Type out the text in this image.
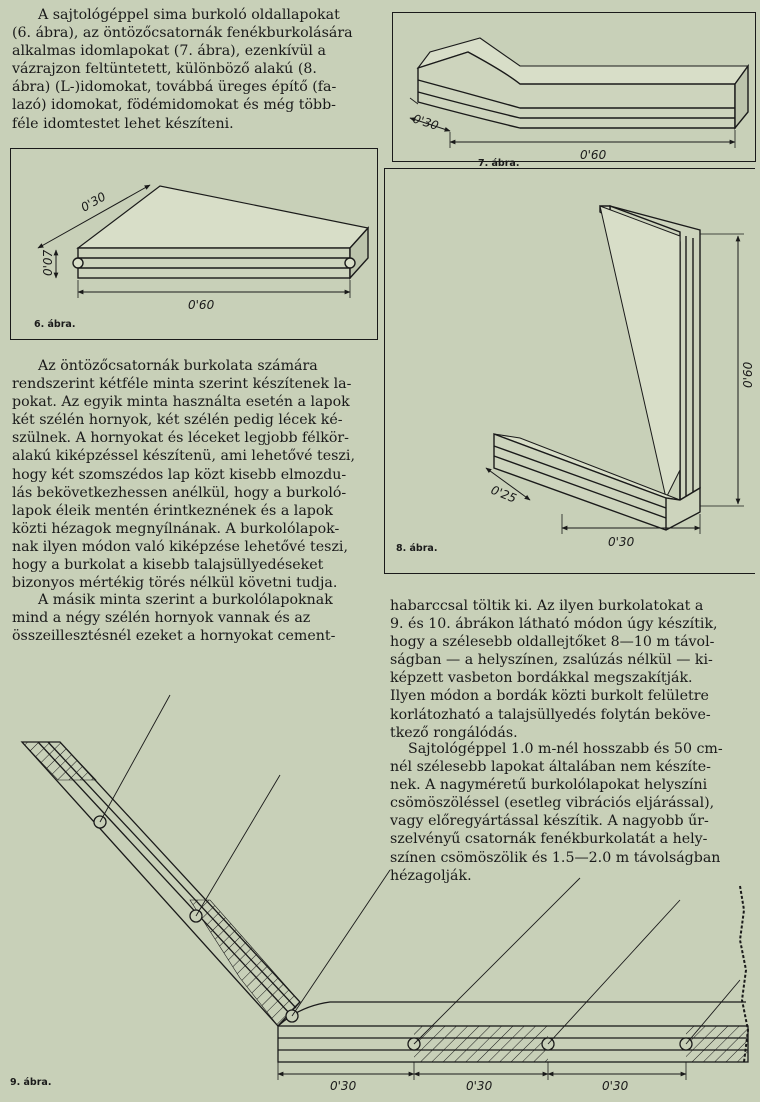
A sajtológéppel sima burkoló oldallapokat
(6. ábra), az öntözőcsatornák fenékburkolására
alkalmas idomlapokat (7. ábra), ezenkívül a
vázrajzon feltüntetett, különböző alakú (8.
ábra) (L-)idomokat, továbbá üreges építő (fa-
lazó) idomokat, födémidomokat és még több-
féle idomtestet lehet készíteni.

6. ábra.
7. ábra.
8. ábra.

Az öntözőcsatornák burkolata számára
rendszerint kétféle minta szerint készítenek la-
pokat. Az egyik minta használta esetén a lapok
két szélén hornyok, két szélén pedig lécek ké-
szülnek. A hornyokat és léceket legjobb félkör-
alakú kiképzéssel készítenü, ami lehetővé teszi,
hogy két szomszédos lap közt kisebb elmozdu-
lás bekövetkezhessen anélkül, hogy a burkoló-
lapok éleik mentén érintkeznének és a lapok
közti hézagok megnyílnának. A burkolólapok-
nak ilyen módon való kiképzése lehetővé teszi,
hogy a burkolat a kisebb talajsüllyedéseket
bizonyos mértékig törés nélkül követni tudja.

A másik minta szerint a burkolólapoknak
mind a négy szélén hornyok vannak és az
összeillesztésnél ezeket a hornyokat cement-

habarccsal töltik ki. Az ilyen burkolatokat a
9. és 10. ábrákon látható módon úgy készítik,
hogy a szélesebb oldallejtőket 8—10 m távol-
ságban — a helyszínen, zsalúzás nélkül — ki-
képzett vasbeton bordákkal megszakítják.
Ilyen módon a bordák közti burkolt felületre
korlátozható a talajsüllyedés folytán beköve-
tkező rongálódás.

Sajtológéppel 1.0 m-nél hosszabb és 50 cm-
nél szélesebb lapokat általában nem készíte-
nek. A nagyméretű burkolólapokat helyszíni
csömöszöléssel (esetleg vibrációs eljárással),
vagy előregyártással készítik. A nagyobb űr-
szelvényű csatornák fenékburkolatát a hely-
színen csömöszölik és 1.5—2.0 m távolságban
hézagolják.

9. ábra.
0'30
0'07
0'60
0'30
0'60
0'60
0'25
0'30
0'30	0'30	0'30
